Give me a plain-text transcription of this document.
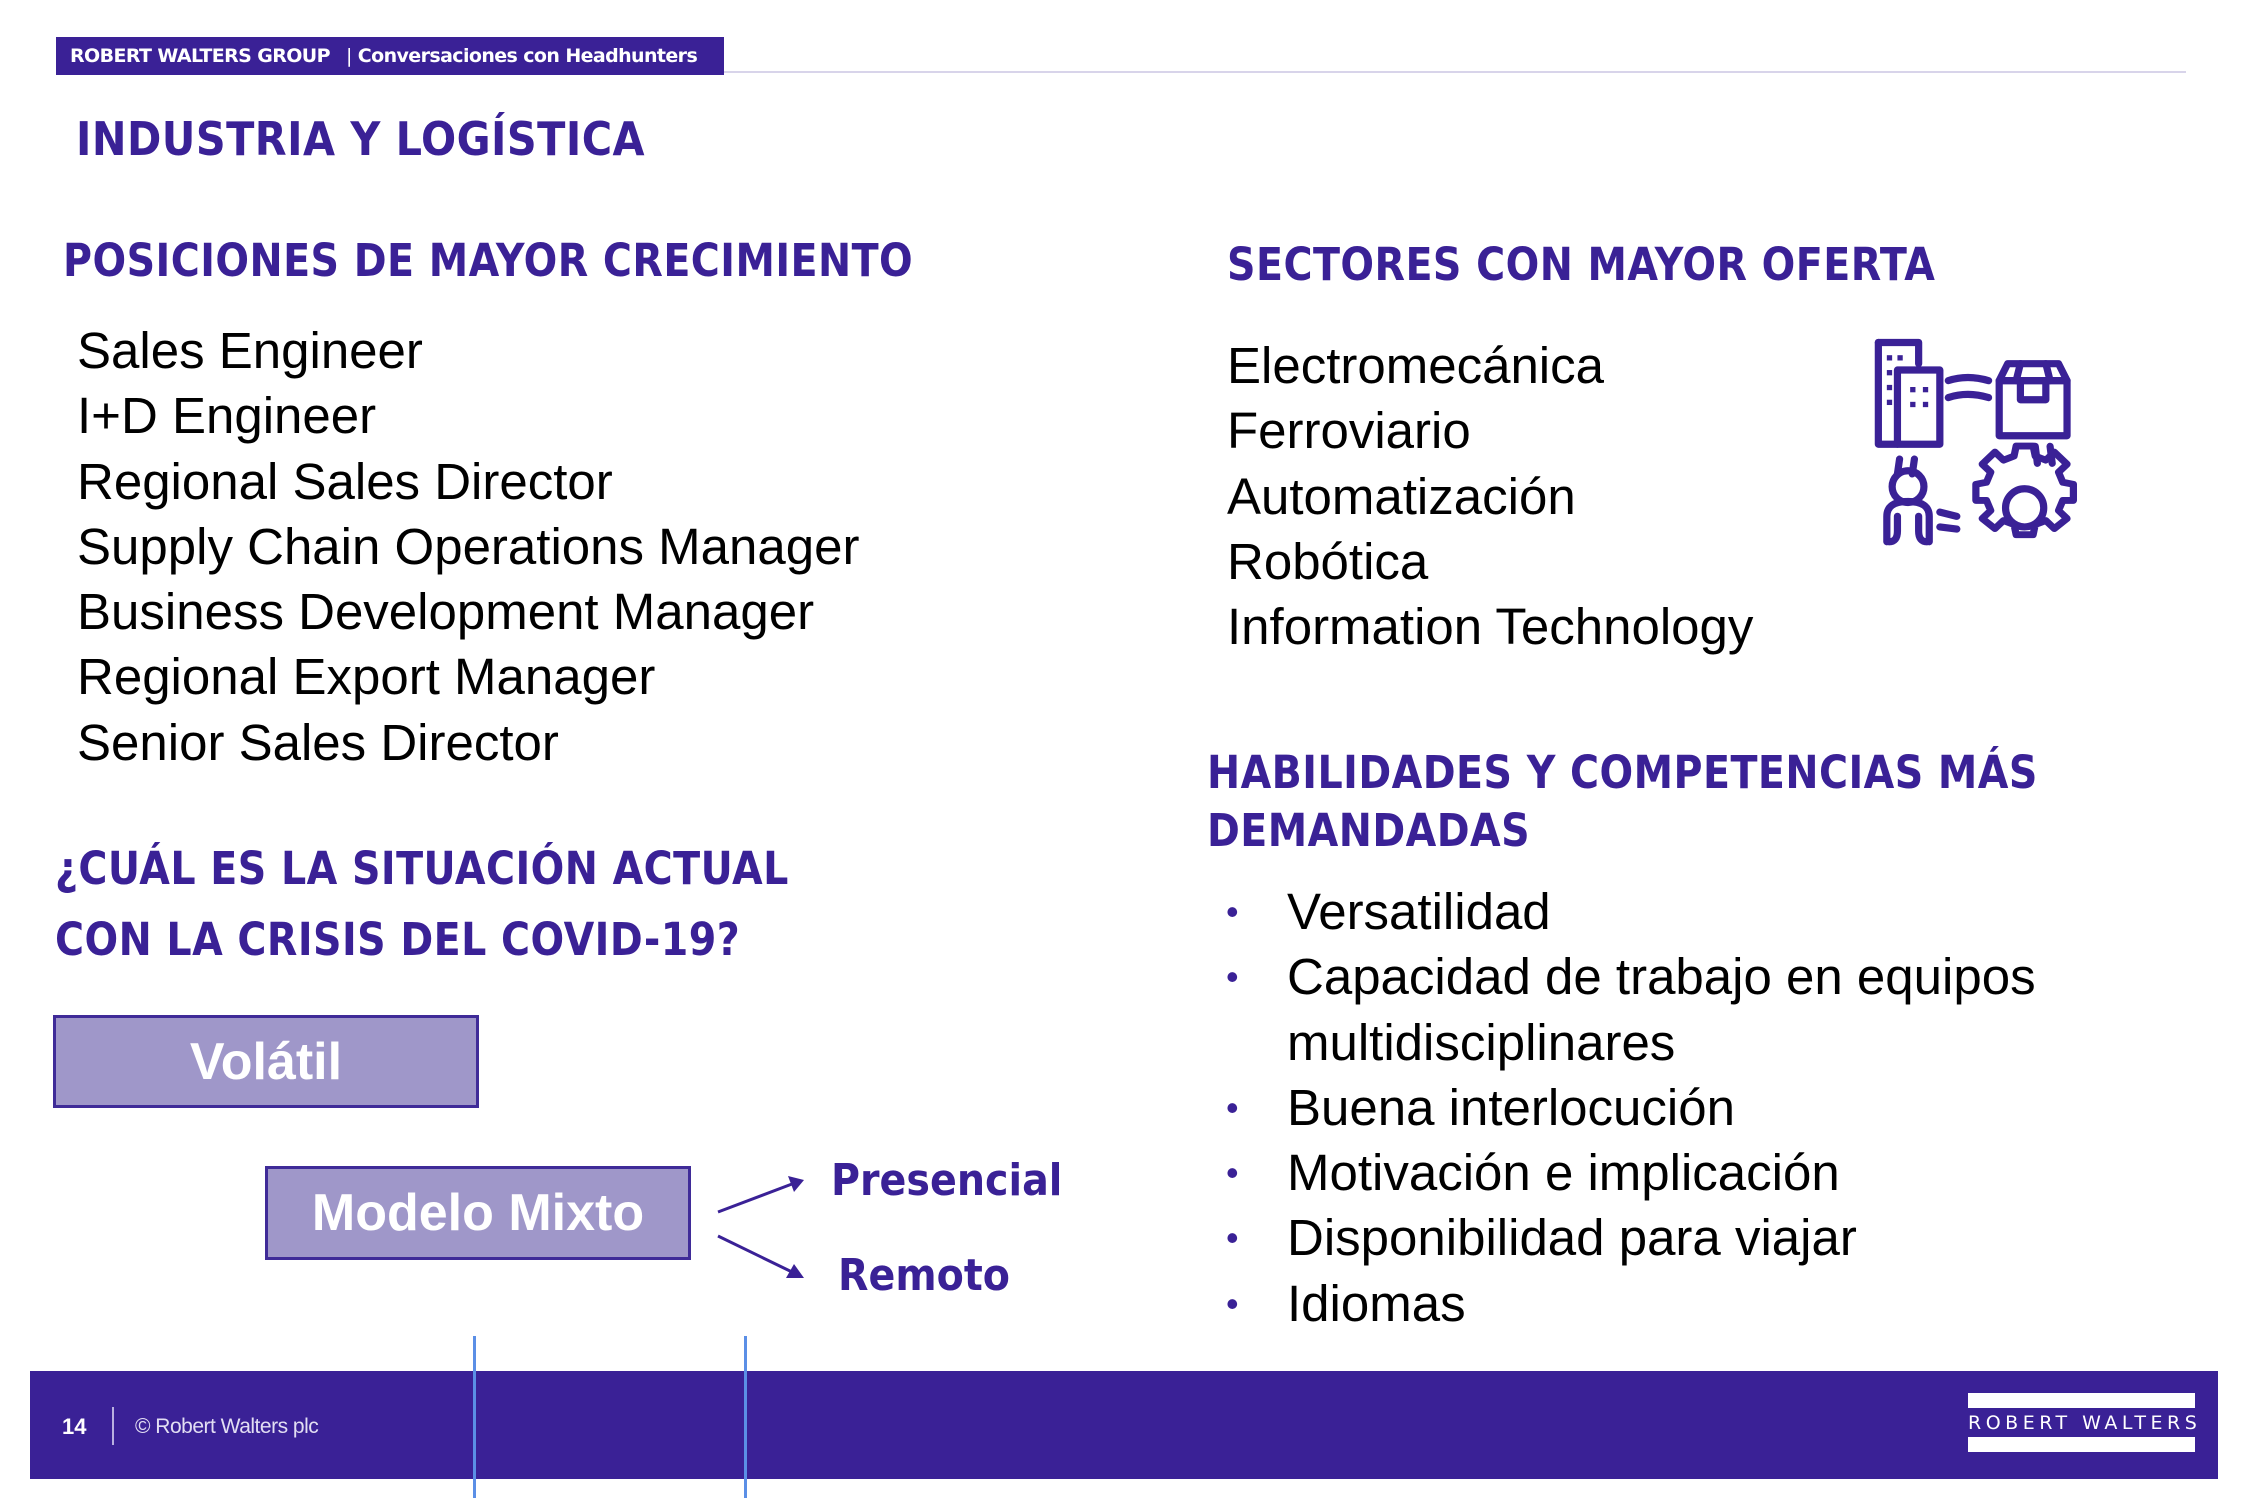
ROBERT WALTERS GROUP | Conversaciones con Headhunters
INDUSTRIA Y LOGÍSTICA
POSICIONES DE MAYOR CRECIMIENTO
Sales Engineer
I+D Engineer
Regional Sales Director
Supply Chain Operations Manager
Business Development Manager
Regional Export Manager
Senior Sales Director
SECTORES CON MAYOR OFERTA
Electromecánica
Ferroviario
Automatización
Robótica
Information Technology
HABILIDADES Y COMPETENCIAS MÁS
DEMANDADAS
• Versatilidad
• Capacidad de trabajo en equipos
multidisciplinares
• Buena interlocución
• Motivación e implicación
• Disponibilidad para viajar
• Idiomas
¿CUÁL ES LA SITUACIÓN ACTUAL
CON LA CRISIS DEL COVID-19?
Volátil
Modelo Mixto
Presencial
Remoto
14 © Robert Walters plc	ROBERT WALTERS
